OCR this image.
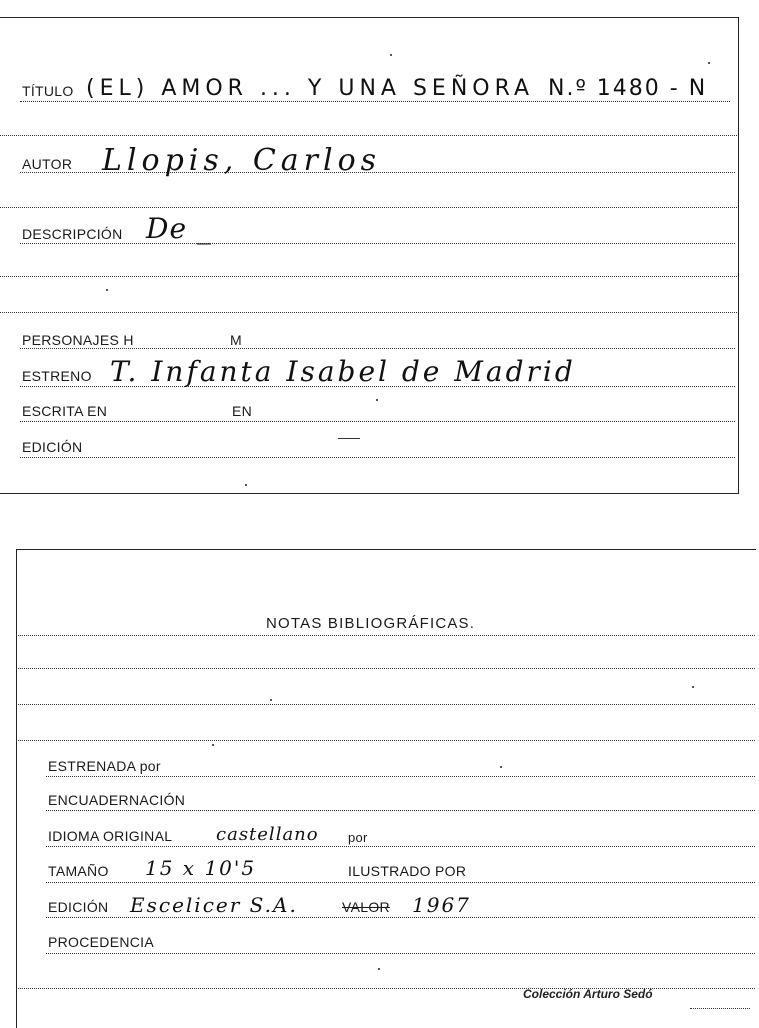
TÍTULO (EL) AMOR ... Y UNA SEÑORA N.º 1480 - N
AUTOR Llopis, Carlos
DESCRIPCIÓN De _
PERSONAJES H	M
ESTRENO T. Infanta Isabel de Madrid
ESCRITA EN	EN
EDICIÓN
NOTAS BIBLIOGRÁFICAS.
ESTRENADA por
ENCUADERNACIÓN
IDIOMA ORIGINAL castellano por
TAMAÑO 15 x 10'5	ILUSTRADO POR
EDICIÓN Escelicer S.A.	VALOR 1967
PROCEDENCIA
Colección Arturo Sedó
